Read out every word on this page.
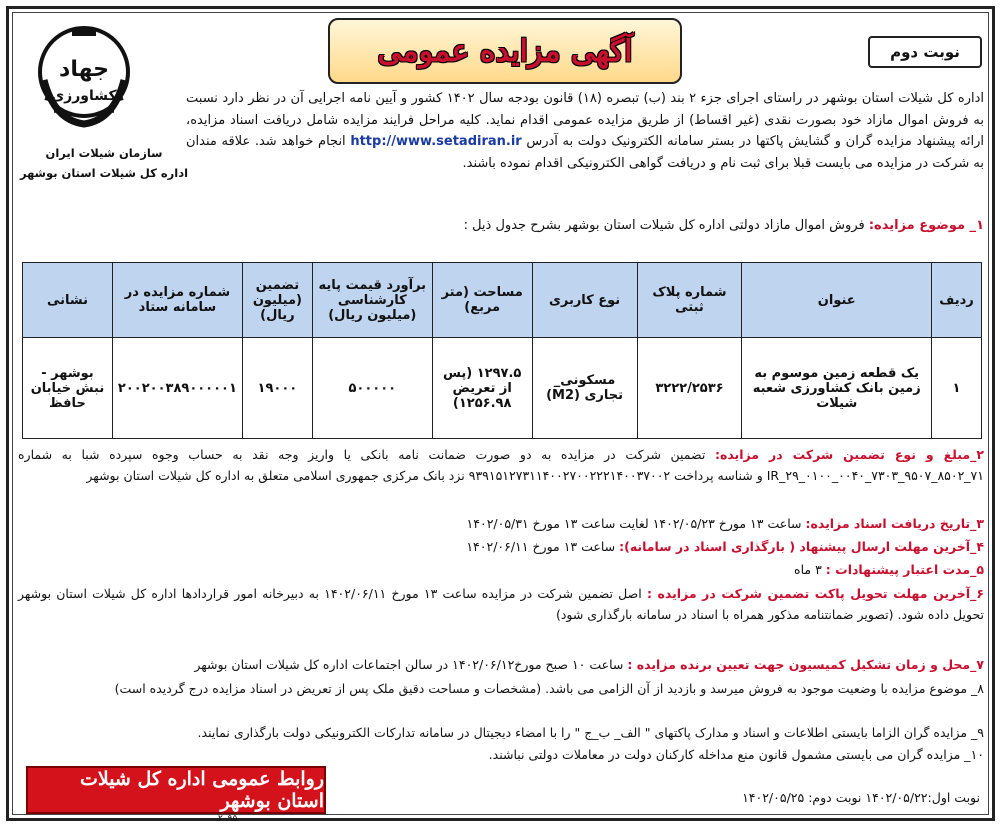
جهاد
کشاورزی
سازمان شیلات ایران
اداره کل شیلات استان بوشهر
آگهی مزایده عمومی	نوبت دوم
اداره کل شیلات استان بوشهر در راستای اجرای جزء ۲ بند (ب) تبصره (۱۸) قانون بودجه سال ۱۴۰۲ کشور و آیین نامه اجرایی آن در نظر دارد نسبت به فروش اموال مازاد خود بصورت نقدی (غیر اقساط) از طریق مزایده عمومی اقدام نماید. کلیه مراحل فرایند مزایده شامل دریافت اسناد مزایده، ارائه پیشنهاد مزایده گران و گشایش پاکتها در بستر سامانه الکترونیک دولت به آدرس http://www.setadiran.ir انجام خواهد شد. علاقه مندان به شرکت در مزایده می بایست قبلا برای ثبت نام و دریافت گواهی الکترونیکی اقدام نموده باشند.
۱_ موضوع مزایده: فروش اموال مازاد دولتی اداره کل شیلات استان بوشهر بشرح جدول ذیل :
ردیف	عنوان	شماره پلاک ثبتی	نوع کاربری	مساحت (متر مربع)	برآورد قیمت پایه کارشناسی (میلیون ریال)	تضمین (میلیون ریال)	شماره مزایده در سامانه ستاد	نشانی
۱	یک قطعه زمین موسوم به زمین بانک کشاورزی شعبه شیلات	۳۲۲۲/۲۵۳۶	مسکونی_ تجاری (M2)	۱۲۹۷.۵ (پس از تعریض ۱۲۵۶.۹۸)	۵۰۰۰۰۰	۱۹۰۰۰	۲۰۰۲۰۰۳۸۹۰۰۰۰۰۱	بوشهر - نبش خیابان حافظ
۲_مبلغ و نوع تضمین شرکت در مزایده: تضمین شرکت در مزایده به دو صورت ضمانت نامه بانکی یا واریز وجه نقد به حساب وجوه سپرده شبا به شماره IR_۲۹_۰۱۰۰_۰۰۴۰_۷۳۰۳_۹۵۰۷_۸۵۰۲_۷۱ و شناسه پرداخت ۹۳۹۱۵۱۲۷۳۱۱۴۰۰۲۷۰۰۲۲۲۱۴۰۰۳۷۰۰۲ نزد بانک مرکزی جمهوری اسلامی متعلق به اداره کل شیلات استان بوشهر
۳_تاریخ دریافت اسناد مزایده: ساعت ۱۳ مورخ ۱۴۰۲/۰۵/۲۳ لغایت ساعت ۱۳ مورخ ۱۴۰۲/۰۵/۳۱
۴_آخرین مهلت ارسال پیشنهاد ( بارگذاری اسناد در سامانه): ساعت ۱۳ مورخ ۱۴۰۲/۰۶/۱۱
۵_مدت اعتبار پیشنهادات : ۳ ماه
۶_آخرین مهلت تحویل پاکت تضمین شرکت در مزایده : اصل تضمین شرکت در مزایده ساعت ۱۳ مورخ ۱۴۰۲/۰۶/۱۱ به دبیرخانه امور قراردادها اداره کل شیلات استان بوشهر تحویل داده شود. (تصویر ضمانتنامه مذکور همراه با اسناد در سامانه بارگذاری شود)
۷_محل و زمان تشکیل کمیسیون جهت تعیین برنده مزایده : ساعت ۱۰ صبح مورخ۱۴۰۲/۰۶/۱۲ در سالن اجتماعات اداره کل شیلات استان بوشهر
۸_ موضوع مزایده با وضعیت موجود به فروش میرسد و بازدید از آن الزامی می باشد. (مشخصات و مساحت دقیق ملک پس از تعریض در اسناد مزایده درج گردیده است)
۹_ مزایده گران الزاما بایستی اطلاعات و اسناد و مدارک پاکتهای " الف_ ب_ج " را با امضاء دیجیتال در سامانه تدارکات الکترونیکی دولت بارگذاری نمایند.
۱۰_ مزایده گران می بایستی مشمول قانون منع مداخله کارکنان دولت در معاملات دولتی نباشند.
نوبت اول:۱۴۰۲/۰۵/۲۲ نوبت دوم: ۱۴۰۲/۰۵/۲۵
روابط عمومی اداره کل شیلات استان بوشهر
۲۰۹۵
